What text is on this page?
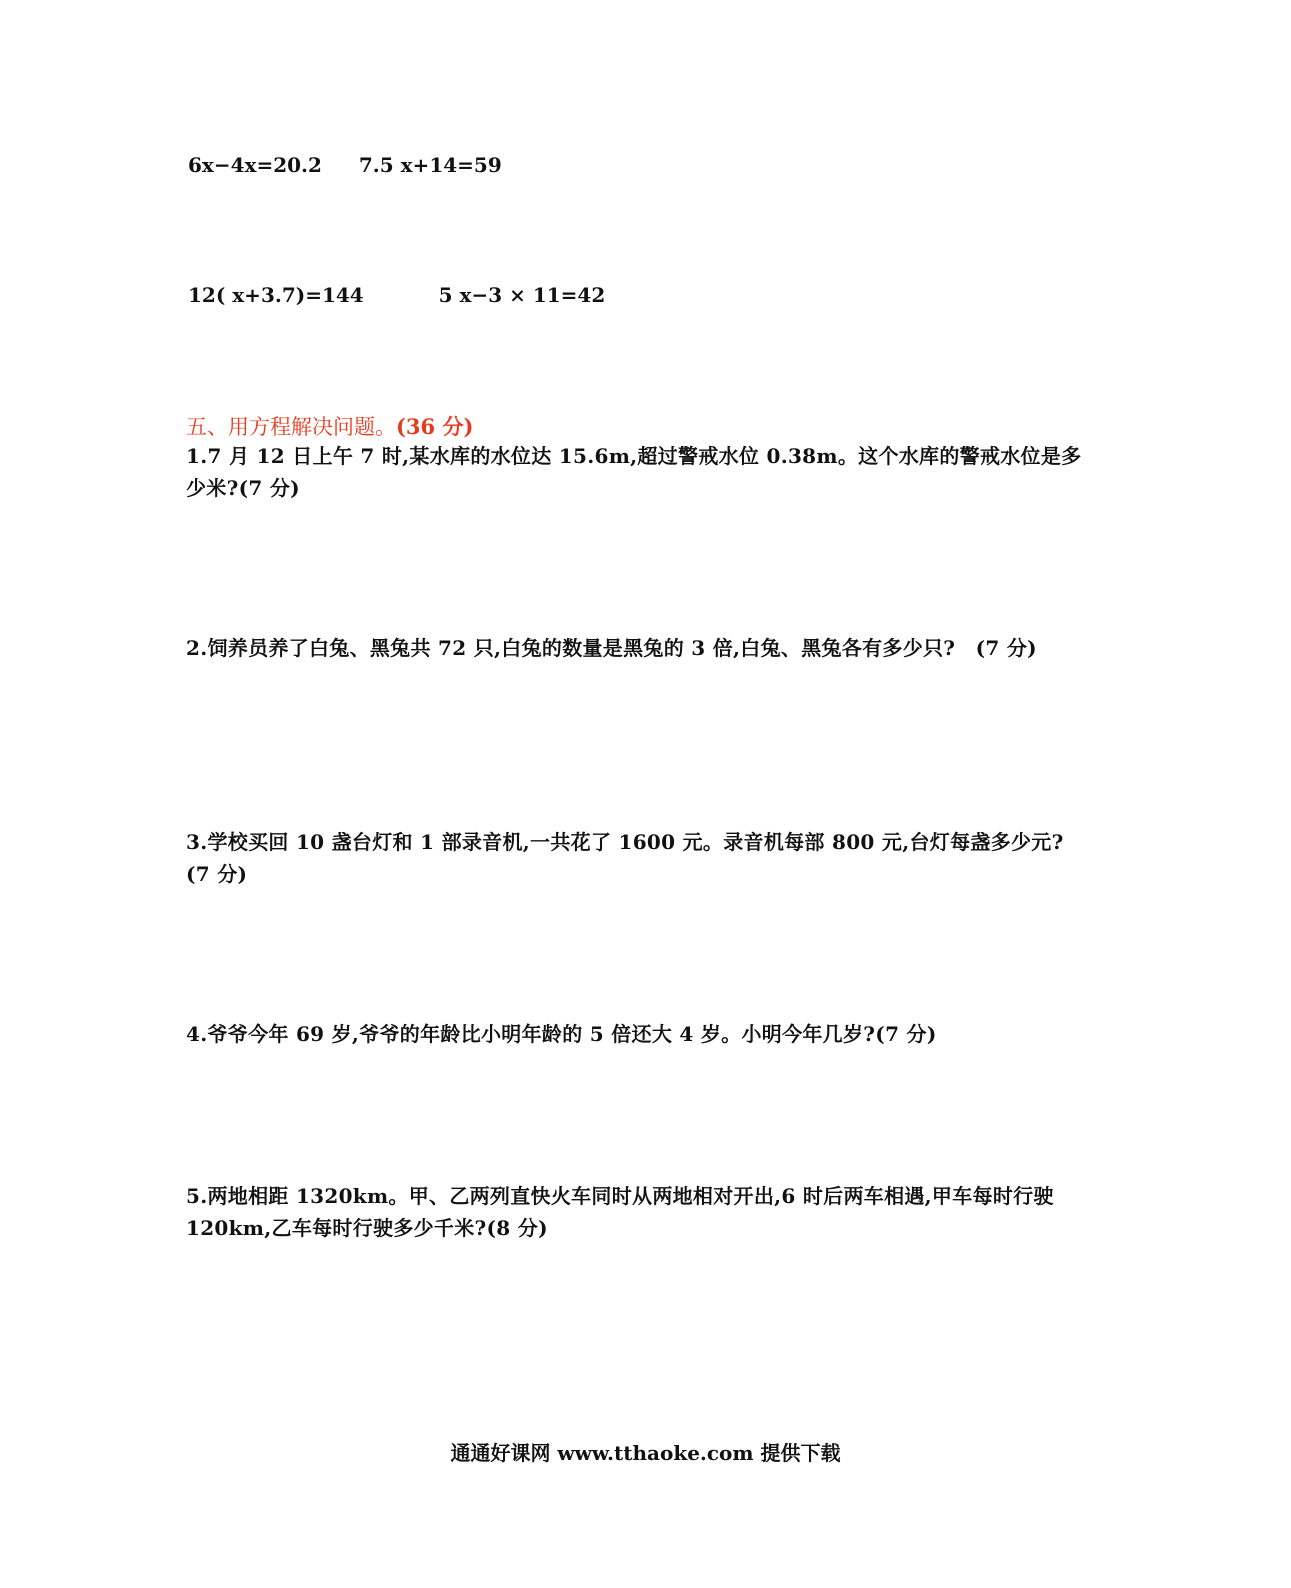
6x−4x=20.2 7.5 x+14=59
12( x+3.7)=144	5 x−3 × 11=42
五、用方程解决问题。(36 分)
1.7 月 12 日上午 7 时,某水库的水位达 15.6m,超过警戒水位 0.38m。这个水库的警戒水位是多少米?(7 分)
2.饲养员养了白兔、黑兔共 72 只,白兔的数量是黑兔的 3 倍,白兔、黑兔各有多少只?　(7 分)
3.学校买回 10 盏台灯和 1 部录音机,一共花了 1600 元。录音机每部 800 元,台灯每盏多少元?(7 分)
4.爷爷今年 69 岁,爷爷的年龄比小明年龄的 5 倍还大 4 岁。小明今年几岁?(7 分)
5.两地相距 1320km。甲、乙两列直快火车同时从两地相对开出,6 时后两车相遇,甲车每时行驶 120km,乙车每时行驶多少千米?(8 分)
通通好课网 www.tthaoke.com 提供下载
